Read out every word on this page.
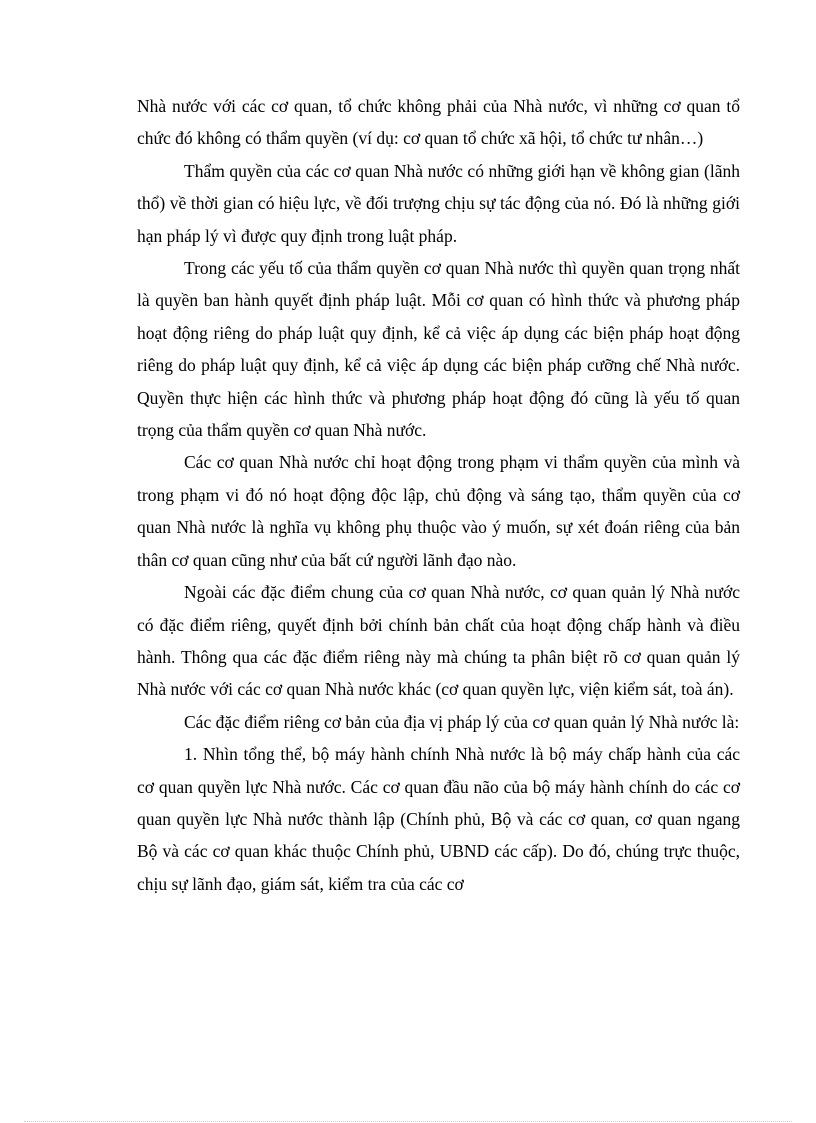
Nhà nước với các cơ quan, tổ chức không phải của Nhà nước, vì những cơ quan tổ chức đó không có thẩm quyền (ví dụ: cơ quan tổ chức xã hội, tổ chức tư nhân…)

Thẩm quyền của các cơ quan Nhà nước có những giới hạn về không gian (lãnh thổ) về thời gian có hiệu lực, về đối trượng chịu sự tác động của nó. Đó là những giới hạn pháp lý vì được quy định trong luật pháp.

Trong các yếu tố của thẩm quyền cơ quan Nhà nước thì quyền quan trọng nhất là quyền ban hành quyết định pháp luật. Mỗi cơ quan có hình thức và phương pháp hoạt động riêng do pháp luật quy định, kể cả việc áp dụng các biện pháp hoạt động riêng do pháp luật quy định, kể cả việc áp dụng các biện pháp cưỡng chế Nhà nước. Quyền thực hiện các hình thức và phương pháp hoạt động đó cũng là yếu tố quan trọng của thẩm quyền cơ quan Nhà nước.

Các cơ quan Nhà nước chỉ hoạt động trong phạm vi thẩm quyền của mình và trong phạm vi đó nó hoạt động độc lập, chủ động và sáng tạo, thẩm quyền của cơ quan Nhà nước là nghĩa vụ không phụ thuộc vào ý muốn, sự xét đoán riêng của bản thân cơ quan cũng như của bất cứ người lãnh đạo nào.

Ngoài các đặc điểm chung của cơ quan Nhà nước, cơ quan quản lý Nhà nước có đặc điểm riêng, quyết định bởi chính bản chất của hoạt động chấp hành và điều hành. Thông qua các đặc điểm riêng này mà chúng ta phân biệt rõ cơ quan quản lý Nhà nước với các cơ quan Nhà nước khác (cơ quan quyền lực, viện kiểm sát, toà án).

Các đặc điểm riêng cơ bản của địa vị pháp lý của cơ quan quản lý Nhà nước là:

1. Nhìn tổng thể, bộ máy hành chính Nhà nước là bộ máy chấp hành của các cơ quan quyền lực Nhà nước. Các cơ quan đầu não của bộ máy hành chính do các cơ quan quyền lực Nhà nước thành lập (Chính phủ, Bộ và các cơ quan, cơ quan ngang Bộ và các cơ quan khác thuộc Chính phủ, UBND các cấp). Do đó, chúng trực thuộc, chịu sự lãnh đạo, giám sát, kiểm tra của các cơ
